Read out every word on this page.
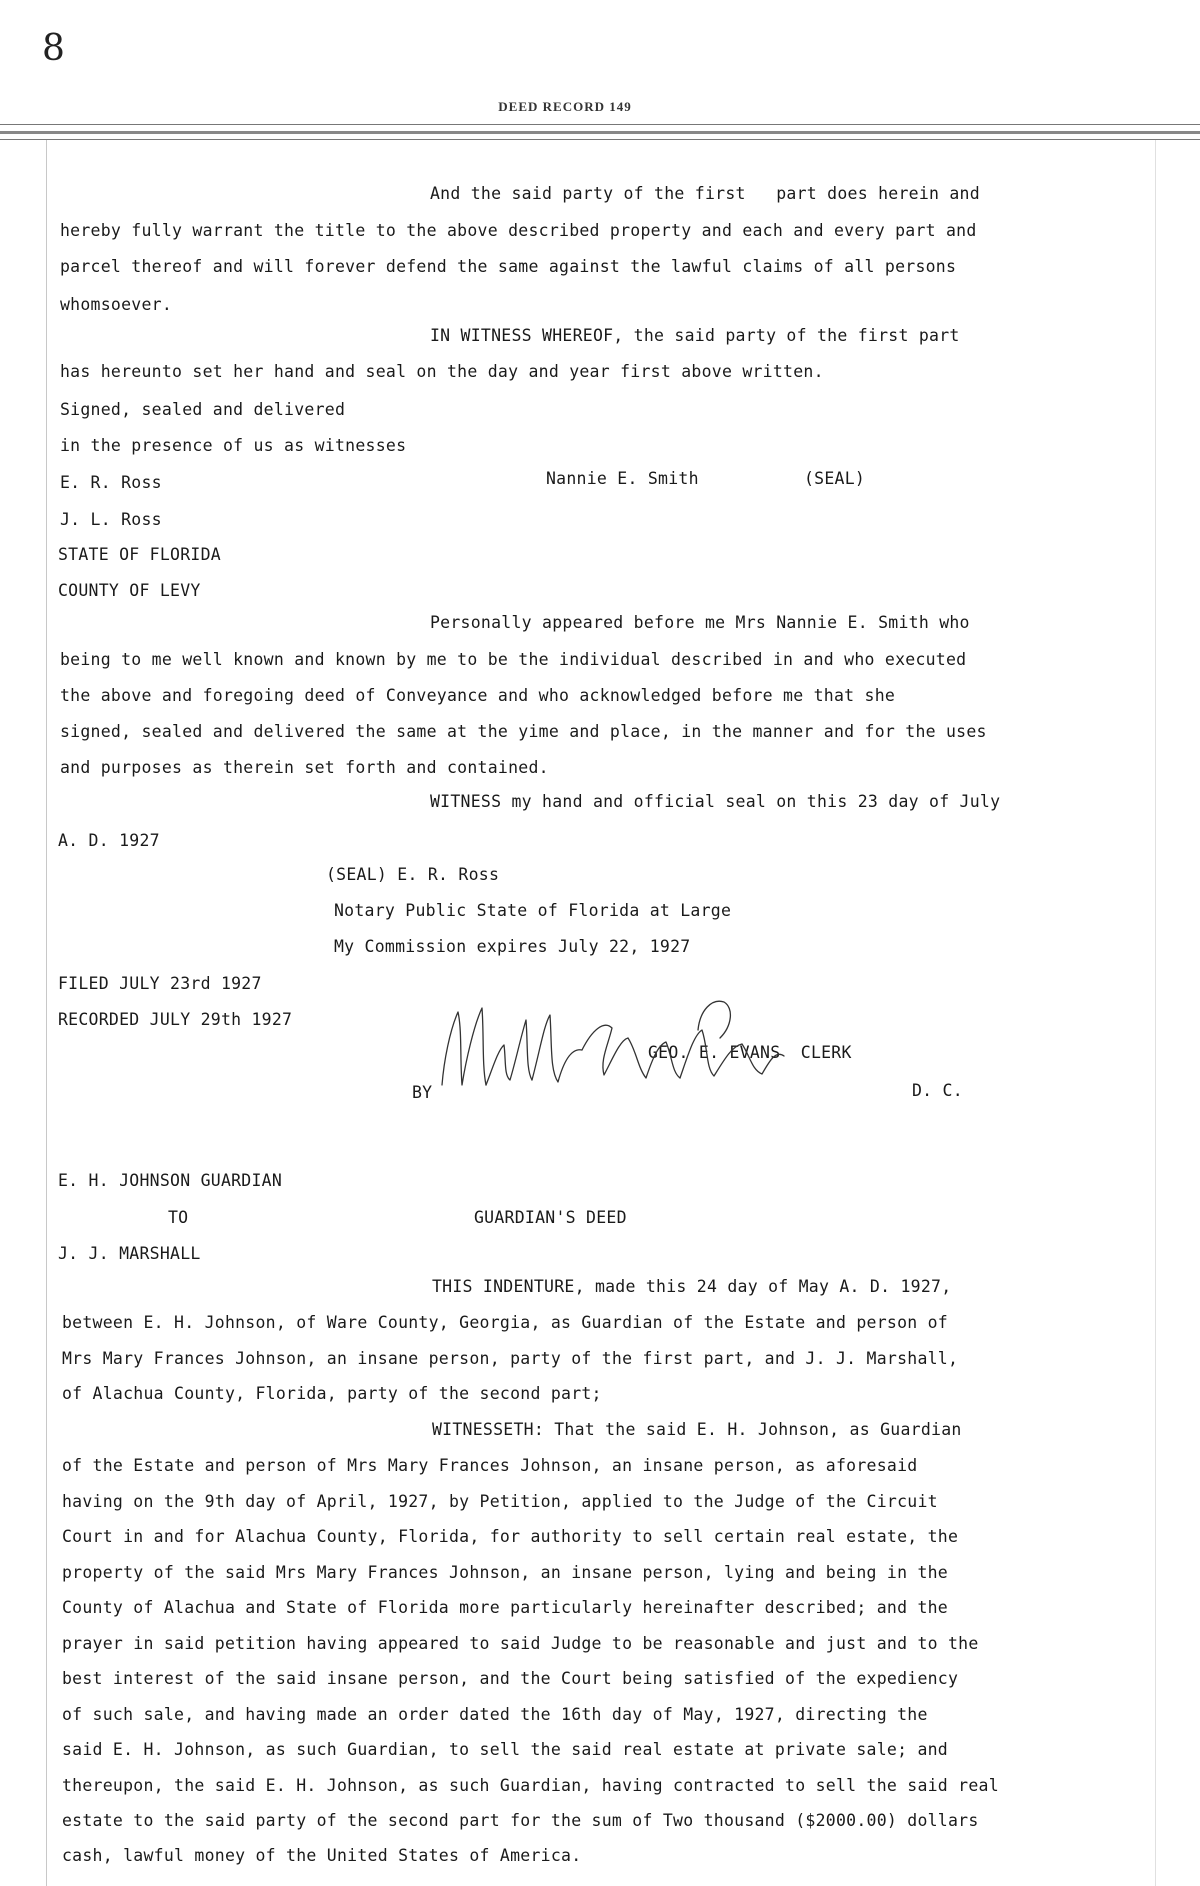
8
DEED RECORD 149
And the said party of the first   part does herein and
hereby fully warrant the title to the above described property and each and every part and
parcel thereof and will forever defend the same against the lawful claims of all persons
whomsoever.
IN WITNESS WHEREOF, the said party of the first part
has hereunto set her hand and seal on the day and year first above written.
Signed, sealed and delivered
in the presence of us as witnesses
E. R. Ross	Nannie E. Smith	(SEAL)
J. L. Ross
STATE OF FLORIDA
COUNTY OF LEVY
Personally appeared before me Mrs Nannie E. Smith who
being to me well known and known by me to be the individual described in and who executed
the above and foregoing deed of Conveyance and who acknowledged before me that she
signed, sealed and delivered the same at the yime and place, in the manner and for the uses
and purposes as therein set forth and contained.
WITNESS my hand and official seal on this 23 day of July
A. D. 1927
(SEAL) E. R. Ross
Notary Public State of Florida at Large
My Commission expires July 22, 1927
FILED JULY 23rd 1927
RECORDED JULY 29th 1927
GEO. E. EVANS  CLERK
BY	D. C.
E. H. JOHNSON GUARDIAN
TO	GUARDIAN'S DEED
J. J. MARSHALL
THIS INDENTURE, made this 24 day of May A. D. 1927,
between E. H. Johnson, of Ware County, Georgia, as Guardian of the Estate and person of
Mrs Mary Frances Johnson, an insane person, party of the first part, and J. J. Marshall,
of Alachua County, Florida, party of the second part;
WITNESSETH: That the said E. H. Johnson, as Guardian
of the Estate and person of Mrs Mary Frances Johnson, an insane person, as aforesaid
having on the 9th day of April, 1927, by Petition, applied to the Judge of the Circuit
Court in and for Alachua County, Florida, for authority to sell certain real estate, the
property of the said Mrs Mary Frances Johnson, an insane person, lying and being in the
County of Alachua and State of Florida more particularly hereinafter described; and the
prayer in said petition having appeared to said Judge to be reasonable and just and to the
best interest of the said insane person, and the Court being satisfied of the expediency
of such sale, and having made an order dated the 16th day of May, 1927, directing the
said E. H. Johnson, as such Guardian, to sell the said real estate at private sale; and
thereupon, the said E. H. Johnson, as such Guardian, having contracted to sell the said real
estate to the said party of the second part for the sum of Two thousand ($2000.00) dollars
cash, lawful money of the United States of America.
